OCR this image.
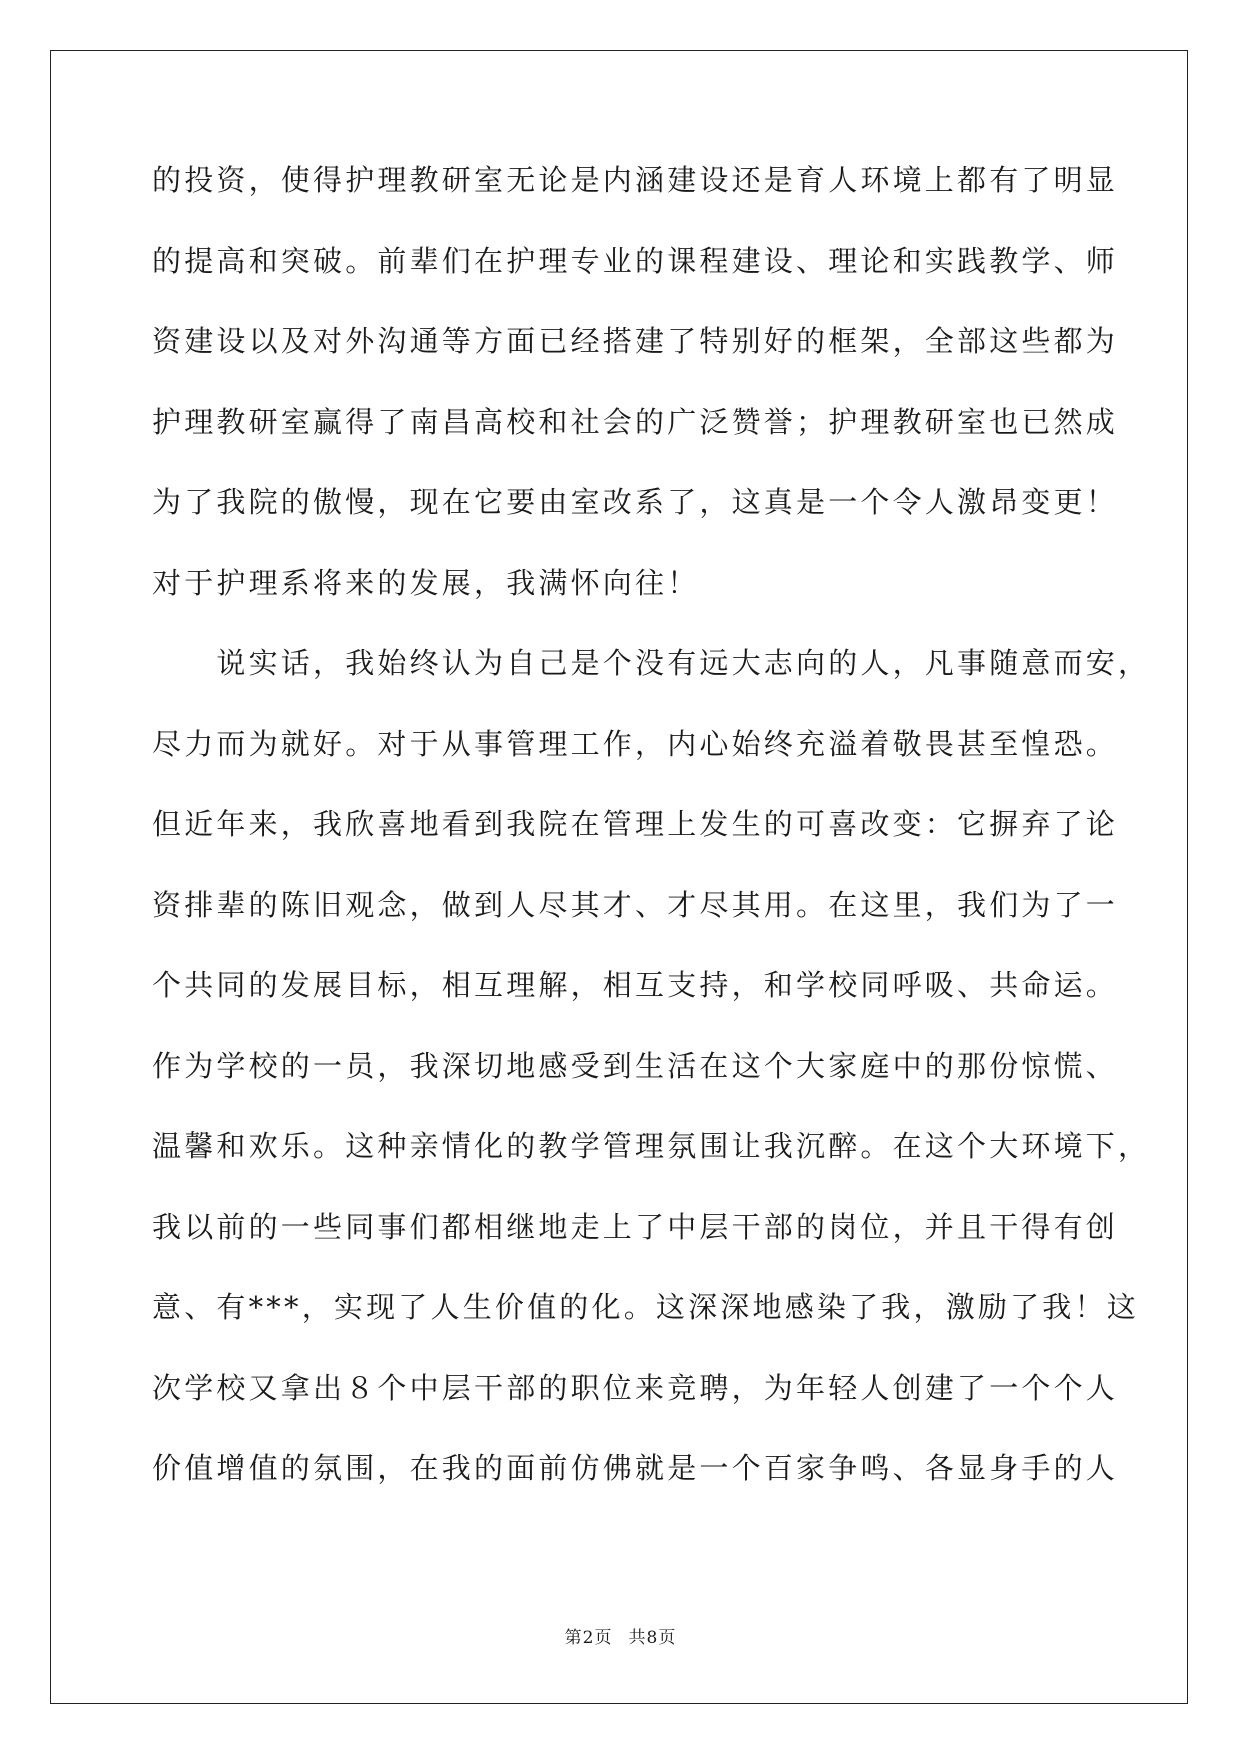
的投资，使得护理教研室无论是内涵建设还是育人环境上都有了明显
的提高和突破。前辈们在护理专业的课程建设、理论和实践教学、师
资建设以及对外沟通等方面已经搭建了特别好的框架，全部这些都为
护理教研室赢得了南昌高校和社会的广泛赞誉；护理教研室也已然成
为了我院的傲慢，现在它要由室改系了，这真是一个令人激昂变更！
对于护理系将来的发展，我满怀向往！
　　说实话，我始终认为自己是个没有远大志向的人，凡事随意而安，
尽力而为就好。对于从事管理工作，内心始终充溢着敬畏甚至惶恐。
但近年来，我欣喜地看到我院在管理上发生的可喜改变：它摒弃了论
资排辈的陈旧观念，做到人尽其才、才尽其用。在这里，我们为了一
个共同的发展目标，相互理解，相互支持，和学校同呼吸、共命运。
作为学校的一员，我深切地感受到生活在这个大家庭中的那份惊慌、
温馨和欢乐。这种亲情化的教学管理氛围让我沉醉。在这个大环境下，
我以前的一些同事们都相继地走上了中层干部的岗位，并且干得有创
意、有***，实现了人生价值的化。这深深地感染了我，激励了我！这
次学校又拿出８个中层干部的职位来竞聘，为年轻人创建了一个个人
价值增值的氛围，在我的面前仿佛就是一个百家争鸣、各显身手的人
第2页 共8页
